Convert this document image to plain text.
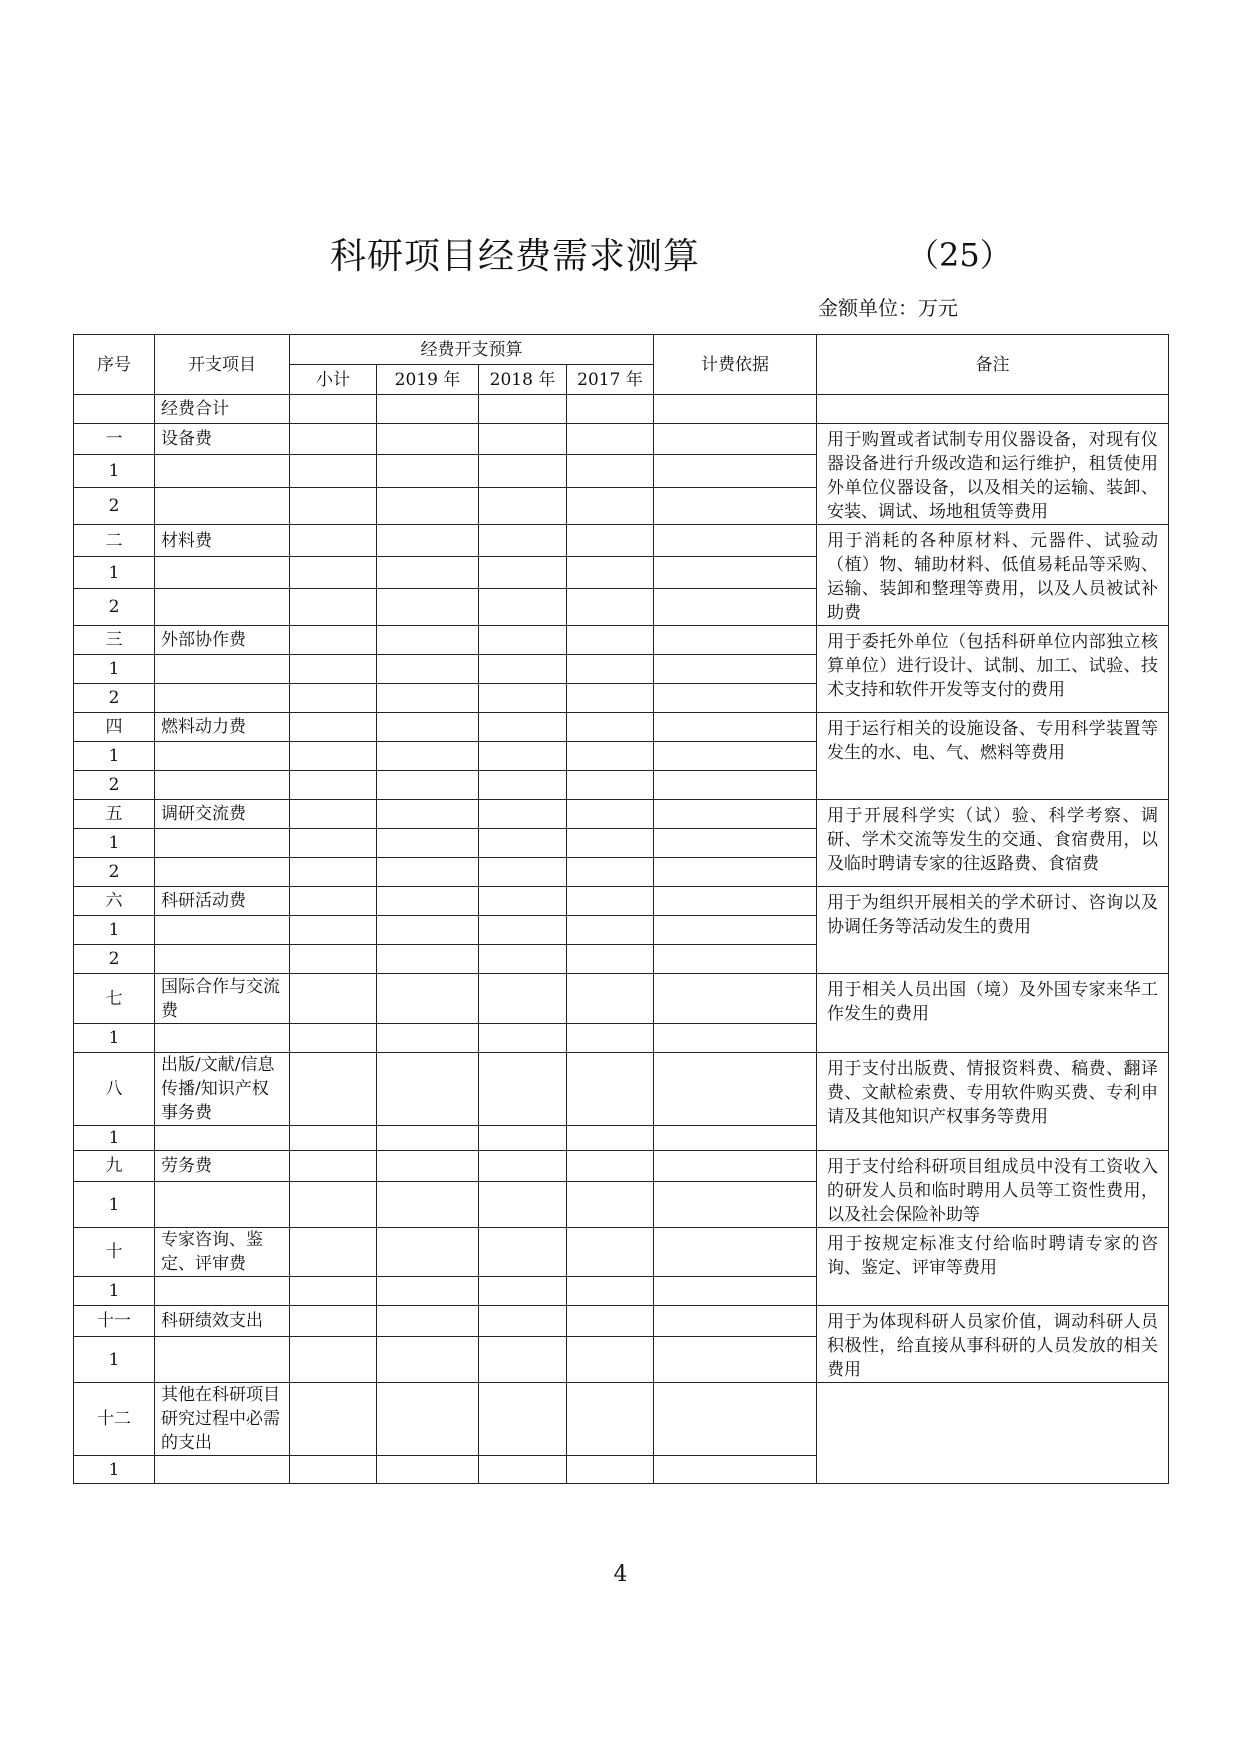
科研项目经费需求测算	（25）
金额单位：万元
序号	开支项目	经费开支预算				计费依据	备注
		小计	2019 年	2018 年	2017 年		
	经费合计						
一	设备费						用于购置或者试制专用仪器设备，对现有仪器设备进行升级改造和运行维护，租赁使用外单位仪器设备，以及相关的运输、装卸、安装、调试、场地租赁等费用
1							
2							
二	材料费						用于消耗的各种原材料、元器件、试验动（植）物、辅助材料、低值易耗品等采购、运输、装卸和整理等费用，以及人员被试补助费
1							
2							
三	外部协作费						用于委托外单位（包括科研单位内部独立核算单位）进行设计、试制、加工、试验、技术支持和软件开发等支付的费用
1							
2							
四	燃料动力费						用于运行相关的设施设备、专用科学装置等发生的水、电、气、燃料等费用
1							
2							
五	调研交流费						用于开展科学实（试）验、科学考察、调研、学术交流等发生的交通、食宿费用，以及临时聘请专家的往返路费、食宿费
1							
2							
六	科研活动费						用于为组织开展相关的学术研讨、咨询以及协调任务等活动发生的费用
1							
2							
七	国际合作与交流费						用于相关人员出国（境）及外国专家来华工作发生的费用
1							
八	出版/文献/信息传播/知识产权事务费						用于支付出版费、情报资料费、稿费、翻译费、文献检索费、专用软件购买费、专利申请及其他知识产权事务等费用
1							
九	劳务费						用于支付给科研项目组成员中没有工资收入的研发人员和临时聘用人员等工资性费用，以及社会保险补助等
1							
十	专家咨询、鉴定、评审费						用于按规定标准支付给临时聘请专家的咨询、鉴定、评审等费用
1							
十一	科研绩效支出						用于为体现科研人员家价值，调动科研人员积极性，给直接从事科研的人员发放的相关费用
1							
十二	其他在科研项目研究过程中必需的支出						
1							
4
